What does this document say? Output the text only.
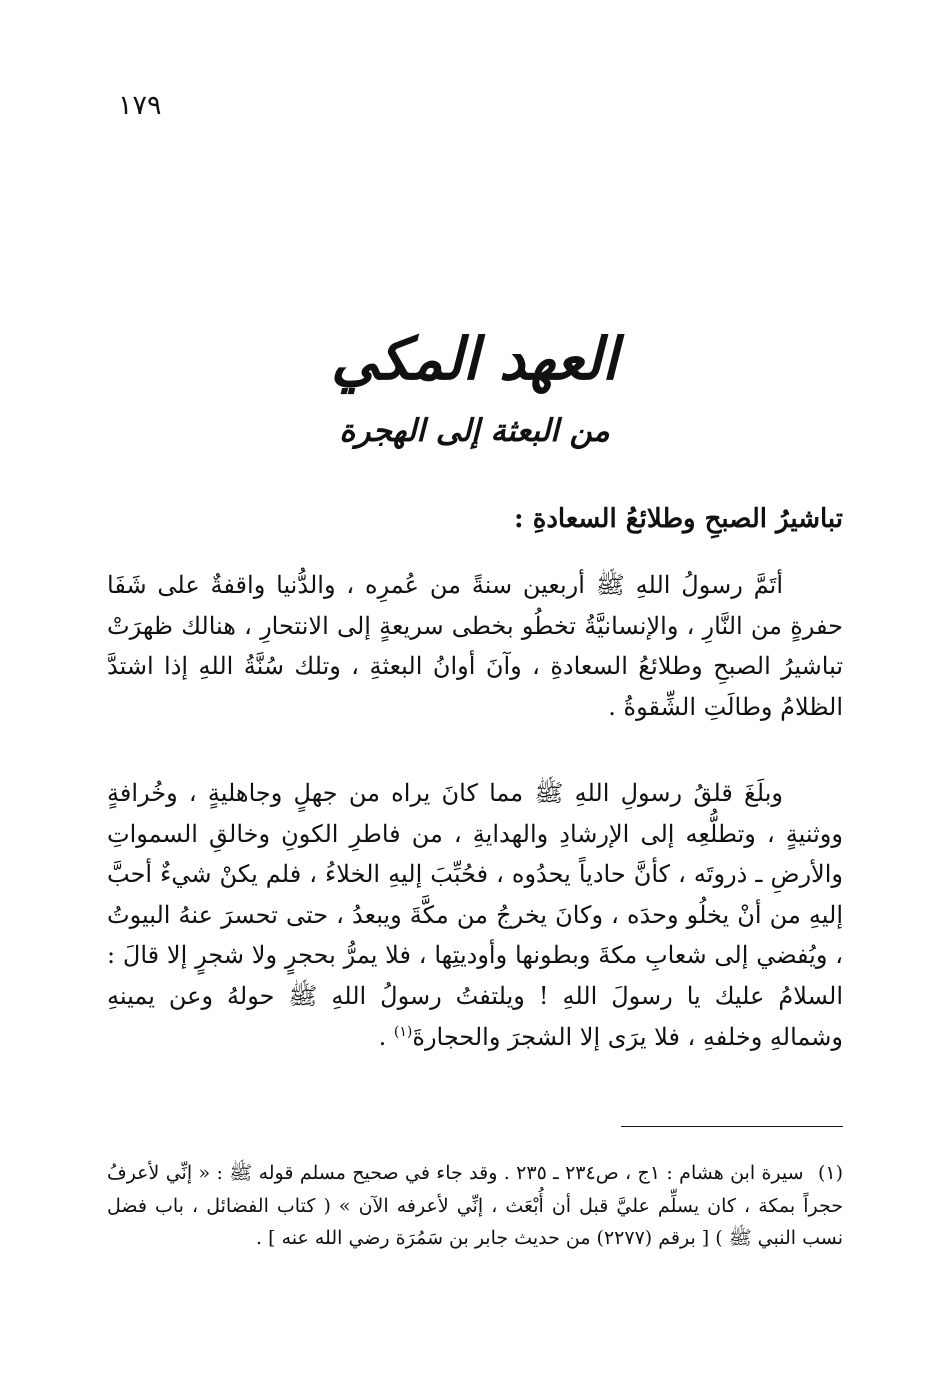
١٧٩
العهد المكي
من البعثة إلى الهجرة
تباشيرُ الصبحِ وطلائعُ السعادةِ :
أتَمَّ رسولُ اللهِ ﷺ أربعين سنةً من عُمرِه ، والدُّنيا واقفةٌ على شَفَا حفرةٍ من النَّارِ ، والإنسانيَّةُ تخطُو بخطى سريعةٍ إلى الانتحارِ ، هنالك ظهرَتْ تباشيرُ الصبحِ وطلائعُ السعادةِ ، وآنَ أوانُ البعثةِ ، وتلك سُنَّةُ اللهِ إذا اشتدَّ الظلامُ وطالَتِ الشِّقوةُ .
وبلَغَ قلقُ رسولِ اللهِ ﷺ مما كانَ يراه من جهلٍ وجاهليةٍ ، وخُرافةٍ ووثنيةٍ ، وتطلُّعِه إلى الإرشادِ والهدايةِ ، من فاطرِ الكونِ وخالقِ السمواتِ والأرضِ ـ ذروتَه ، كأنَّ حادياً يحدُوه ، فحُبِّبَ إليهِ الخلاءُ ، فلم يكنْ شيءٌ أحبَّ إليهِ من أنْ يخلُو وحدَه ، وكانَ يخرجُ من مكَّةَ ويبعدُ ، حتى تحسرَ عنهُ البيوتُ ، ويُفضي إلى شعابِ مكةَ وبطونها وأوديتِها ، فلا يمرُّ بحجرٍ ولا شجرٍ إلا قالَ : السلامُ عليك يا رسولَ اللهِ ! ويلتفتُ رسولُ اللهِ ﷺ حولهُ وعن يمينهِ وشمالهِ وخلفهِ ، فلا يرَى إلا الشجرَ والحجارةَ$^{(١)}$ .
(١) سيرة ابن هشام : ١ج ، ص٢٣٤ ـ ٢٣٥ . وقد جاء في صحيح مسلم قوله ﷺ : « إنِّي لأعرفُ حجراً بمكة ، كان يسلِّم عليَّ قبل أن أُبْعَث ، إنِّي لأعرفه الآن » ( كتاب الفضائل ، باب فضل نسب النبي ﷺ ) [ برقم (٢٢٧٧) من حديث جابر بن سَمُرَة رضي الله عنه ] .
